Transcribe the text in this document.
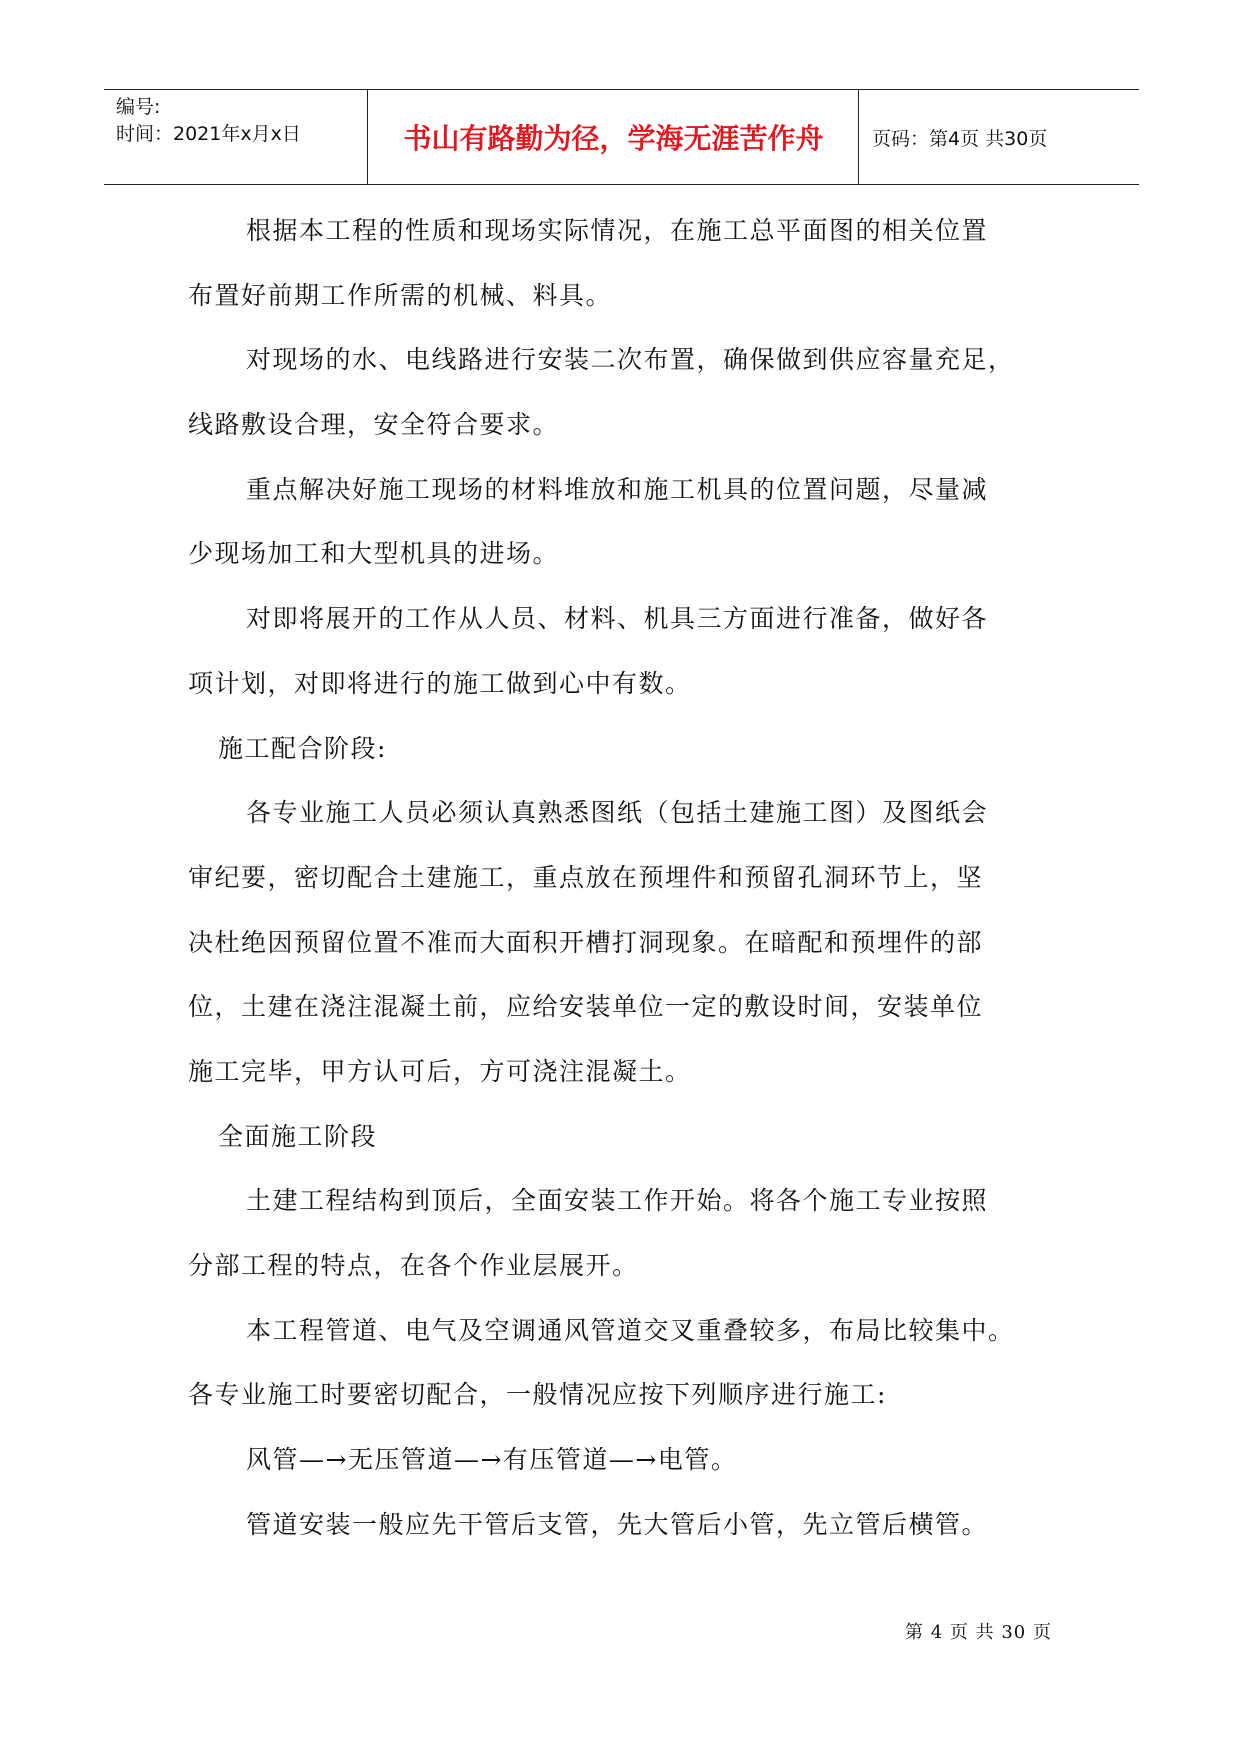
编号:
时间：2021年x月x日	书山有路勤为径，学海无涯苦作舟	页码：第4页 共30页
根据本工程的性质和现场实际情况，在施工总平面图的相关位置
布置好前期工作所需的机械、料具。
对现场的水、电线路进行安装二次布置，确保做到供应容量充足，
线路敷设合理，安全符合要求。
重点解决好施工现场的材料堆放和施工机具的位置问题，尽量减
少现场加工和大型机具的进场。
对即将展开的工作从人员、材料、机具三方面进行准备，做好各
项计划，对即将进行的施工做到心中有数。
施工配合阶段:
各专业施工人员必须认真熟悉图纸（包括土建施工图）及图纸会
审纪要，密切配合土建施工，重点放在预埋件和预留孔洞环节上，坚
决杜绝因预留位置不准而大面积开槽打洞现象。在暗配和预埋件的部
位，土建在浇注混凝土前，应给安装单位一定的敷设时间，安装单位
施工完毕，甲方认可后，方可浇注混凝土。
全面施工阶段
土建工程结构到顶后，全面安装工作开始。将各个施工专业按照
分部工程的特点，在各个作业层展开。
本工程管道、电气及空调通风管道交叉重叠较多，布局比较集中。
各专业施工时要密切配合，一般情况应按下列顺序进行施工:
风管—→无压管道—→有压管道—→电管。
管道安装一般应先干管后支管，先大管后小管，先立管后横管。
第 4 页 共 30 页
